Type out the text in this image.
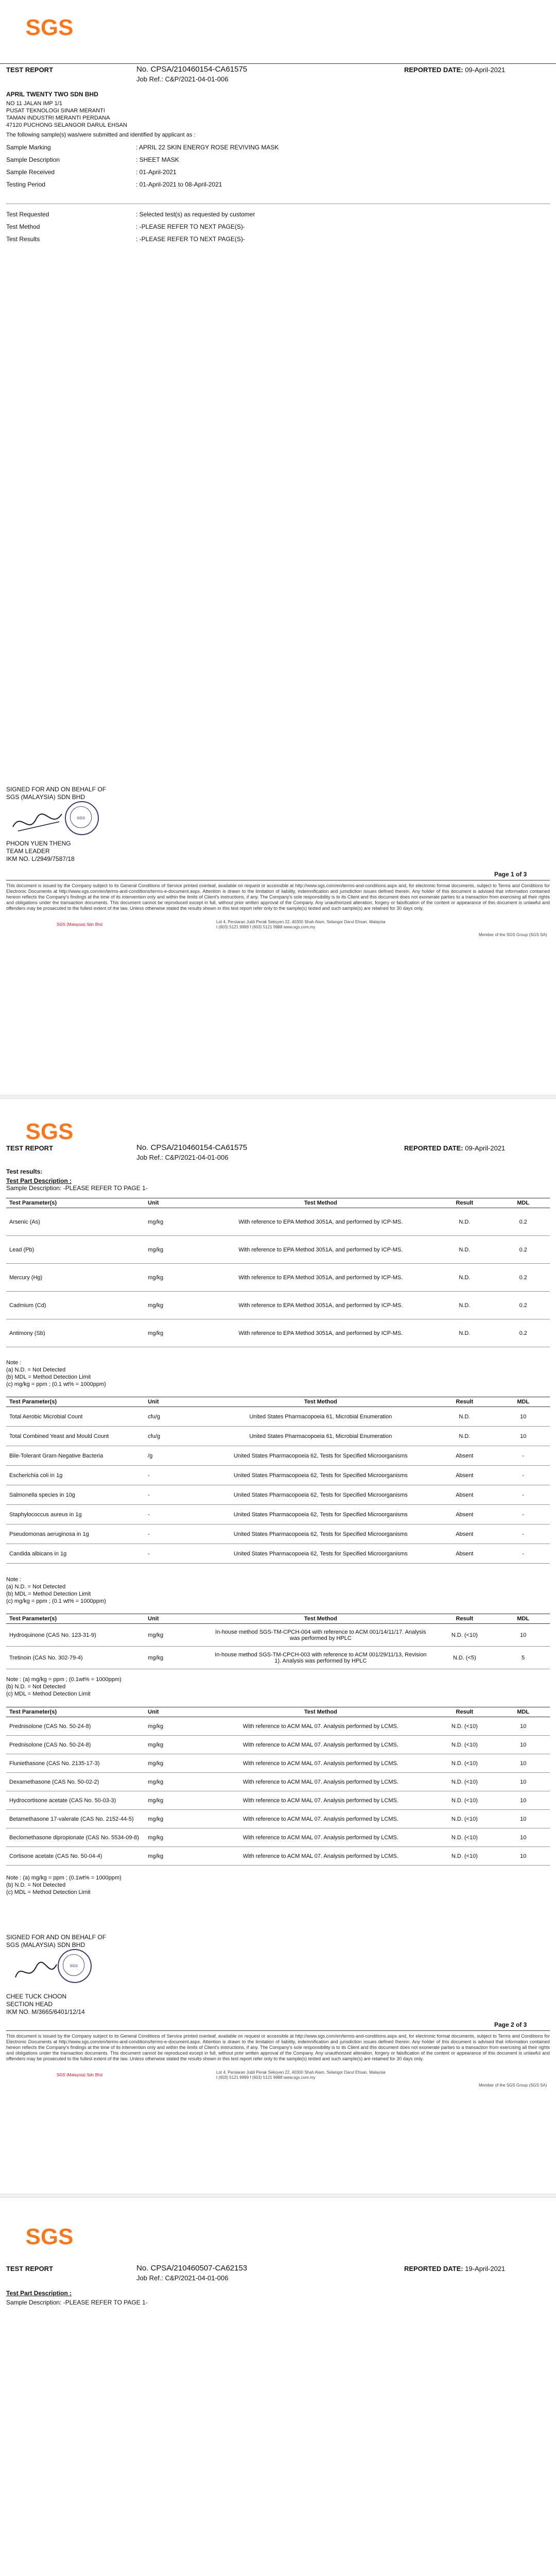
SGS
TEST REPORT	No. CPSA/210460154-CA61575
Job Ref.: C&P/2021-04-01-006
REPORTED DATE: 09-April-2021
APRIL TWENTY TWO SDN BHD
NO 11 JALAN IMP 1/1
PUSAT TEKNOLOGI SINAR MERANTI
TAMAN INDUSTRI MERANTI PERDANA
47120 PUCHONG SELANGOR DARUL EHSAN
The following sample(s) was/were submitted and identified by applicant as :
Sample Marking	: APRIL 22 SKIN ENERGY ROSE REVIVING MASK
Sample Description	: SHEET MASK
Sample Received	: 01-April-2021
Testing Period	: 01-April-2021 to 08-April-2021
Test Requested	: Selected test(s) as requested by customer
Test Method	: -PLEASE REFER TO NEXT PAGE(S)-
Test Results	: -PLEASE REFER TO NEXT PAGE(S)-
SIGNED FOR AND ON BEHALF OF
SGS (MALAYSIA) SDN BHD
SGS
PHOON YUEN THENG
TEAM LEADER
IKM NO. L/2949/7587/18
Page 1 of 3
This document is issued by the Company subject to its General Conditions of Service printed overleaf, available on request or accessible at http://www.sgs.com/en/terms-and-conditions.aspx and, for electronic format documents, subject to Terms and Conditions for Electronic Documents at http://www.sgs.com/en/terms-and-conditions/terms-e-document.aspx. Attention is drawn to the limitation of liability, indemnification and jurisdiction issues defined therein. Any holder of this document is advised that information contained hereon reflects the Company's findings at the time of its intervention only and within the limits of Client's instructions, if any. The Company's sole responsibility is to its Client and this document does not exonerate parties to a transaction from exercising all their rights and obligations under the transaction documents. This document cannot be reproduced except in full, without prior written approval of the Company. Any unauthorized alteration, forgery or falsification of the content or appearance of this document is unlawful and offenders may be prosecuted to the fullest extent of the law. Unless otherwise stated the results shown in this test report refer only to the sample(s) tested and such sample(s) are retained for 30 days only.
SGS (Malaysia) Sdn Bhd
Lot 4, Persiaran Jubli Perak Seksyen 22, 40300 Shah Alam, Selangor Darul Ehsan, Malaysia
t (603) 5121 9999 f (603) 5121 9988 www.sgs.com.my
Member of the SGS Group (SGS SA)
SGS
TEST REPORT	No. CPSA/210460154-CA61575
Job Ref.: C&P/2021-04-01-006
REPORTED DATE: 09-April-2021
Test results:
Test Part Description :
Sample Description: -PLEASE REFER TO PAGE 1-
Test Parameter(s)	Unit	Test Method	Result	MDL
Arsenic (As)	mg/kg	With reference to EPA Method 3051A, and performed by ICP-MS.	N.D.	0.2
Lead (Pb)	mg/kg	With reference to EPA Method 3051A, and performed by ICP-MS.	N.D.	0.2
Mercury (Hg)	mg/kg	With reference to EPA Method 3051A, and performed by ICP-MS.	N.D.	0.2
Cadmium (Cd)	mg/kg	With reference to EPA Method 3051A, and performed by ICP-MS.	N.D.	0.2
Antimony (Sb)	mg/kg	With reference to EPA Method 3051A, and performed by ICP-MS.	N.D.	0.2
Note :
(a) N.D. = Not Detected
(b) MDL = Method Detection Limit
(c) mg/kg = ppm ; (0.1 wt% = 1000ppm)
Test Parameter(s)	Unit	Test Method	Result	MDL
Total Aerobic Microbial Count	cfu/g	United States Pharmacopoeia 61, Microbial Enumeration	N.D.	10
Total Combined Yeast and Mould Count	cfu/g	United States Pharmacopoeia 61, Microbial Enumeration	N.D.	10
Bile-Tolerant Gram-Negative Bacteria	/g	United States Pharmacopoeia 62, Tests for Specified Microorganisms	Absent	-
Escherichia coli in 1g	-	United States Pharmacopoeia 62, Tests for Specified Microorganisms	Absent	-
Salmonella species in 10g	-	United States Pharmacopoeia 62, Tests for Specified Microorganisms	Absent	-
Staphylococcus aureus in 1g	-	United States Pharmacopoeia 62, Tests for Specified Microorganisms	Absent	-
Pseudomonas aeruginosa in 1g	-	United States Pharmacopoeia 62, Tests for Specified Microorganisms	Absent	-
Candida albicans in 1g	-	United States Pharmacopoeia 62, Tests for Specified Microorganisms	Absent	-
Note :
(a) N.D. = Not Detected
(b) MDL = Method Detection Limit
(c) mg/kg = ppm ; (0.1 wt% = 1000ppm)
Test Parameter(s)	Unit	Test Method	Result	MDL
Hydroquinone (CAS No. 123-31-9)	mg/kg	In-house method SGS-TM-CPCH-004 with reference to ACM 001/14/11/17. Analysis was performed by HPLC	N.D. (<10)	10
Tretinoin (CAS No. 302-79-4)	mg/kg	In-house method SGS-TM-CPCH-003 with reference to ACM 001/29/11/13, Revision 1). Analysis was performed by HPLC	N.D. (<5)	5
Note : (a) mg/kg = ppm ; (0.1wt% = 1000ppm)
(b) N.D. = Not Detected
(c) MDL = Method Detection Limit
Test Parameter(s)	Unit	Test Method	Result	MDL
Prednisolone (CAS No. 50-24-8)	mg/kg	With reference to ACM MAL 07. Analysis performed by LCMS.	N.D. (<10)	10
Prednisolone (CAS No. 50-24-8)	mg/kg	With reference to ACM MAL 07. Analysis performed by LCMS.	N.D. (<10)	10
Fluniethasone (CAS No. 2135-17-3)	mg/kg	With reference to ACM MAL 07. Analysis performed by LCMS.	N.D. (<10)	10
Dexamethasone (CAS No. 50-02-2)	mg/kg	With reference to ACM MAL 07. Analysis performed by LCMS.	N.D. (<10)	10
Hydrocortisone acetate (CAS No. 50-03-3)	mg/kg	With reference to ACM MAL 07. Analysis performed by LCMS.	N.D. (<10)	10
Betamethasone 17-valerate (CAS No. 2152-44-5)	mg/kg	With reference to ACM MAL 07. Analysis performed by LCMS.	N.D. (<10)	10
Beclomethasone dipropionate (CAS No. 5534-09-8)	mg/kg	With reference to ACM MAL 07. Analysis performed by LCMS.	N.D. (<10)	10
Cortisone acetate (CAS No. 50-04-4)	mg/kg	With reference to ACM MAL 07. Analysis performed by LCMS.	N.D. (<10)	10
Note : (a) mg/kg = ppm ; (0.1wt% = 1000ppm)
(b) N.D. = Not Detected
(c) MDL = Method Detection Limit
SIGNED FOR AND ON BEHALF OF
SGS (MALAYSIA) SDN BHD
SGS
CHEE TUCK CHOON
SECTION HEAD
IKM NO. M/3665/6401/12/14
Page 2 of 3
This document is issued by the Company subject to its General Conditions of Service printed overleaf, available on request or accessible at http://www.sgs.com/en/terms-and-conditions.aspx and, for electronic format documents, subject to Terms and Conditions for Electronic Documents at http://www.sgs.com/en/terms-and-conditions/terms-e-document.aspx. Attention is drawn to the limitation of liability, indemnification and jurisdiction issues defined therein. Any holder of this document is advised that information contained hereon reflects the Company's findings at the time of its intervention only and within the limits of Client's instructions, if any. The Company's sole responsibility is to its Client and this document does not exonerate parties to a transaction from exercising all their rights and obligations under the transaction documents. This document cannot be reproduced except in full, without prior written approval of the Company. Any unauthorized alteration, forgery or falsification of the content or appearance of this document is unlawful and offenders may be prosecuted to the fullest extent of the law. Unless otherwise stated the results shown in this test report refer only to the sample(s) tested and such sample(s) are retained for 30 days only.
SGS (Malaysia) Sdn Bhd
Lot 4, Persiaran Jubli Perak Seksyen 22, 40300 Shah Alam, Selangor Darul Ehsan, Malaysia
t (603) 5121 9999 f (603) 5121 9988 www.sgs.com.my
Member of the SGS Group (SGS SA)
SGS
TEST REPORT	No. CPSA/210460507-CA62153
Job Ref.: C&P/2021-04-01-006
REPORTED DATE: 19-April-2021
Test Part Description :
Sample Description: -PLEASE REFER TO PAGE 1-
